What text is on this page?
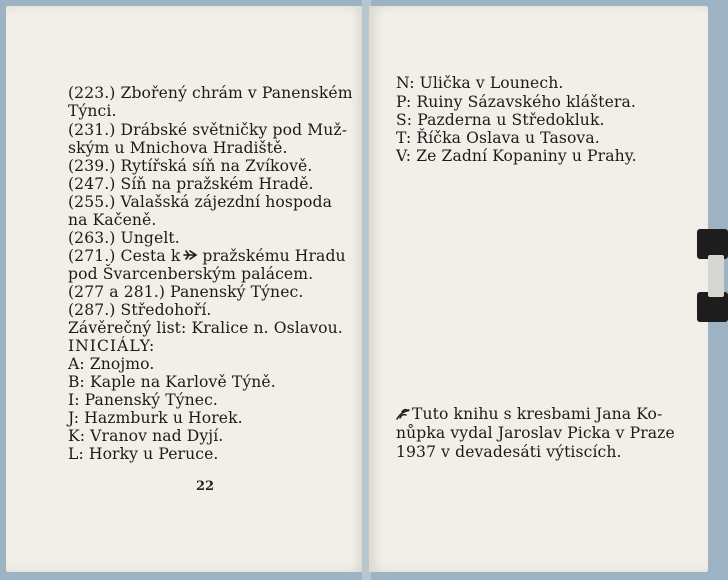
(223.) Zbořený chrám v Panenském
Týnci.
(231.) Drábské světničky pod Muž-
ským u Mnichova Hradiště.
(239.) Rytířská síň na Zvíkově.
(247.) Síň na pražském Hradě.
(255.) Valašská zájezdní hospoda
na Kačeně.
(263.) Ungelt.
(271.) Cesta k pražskému Hradu
pod Švarcenberským palácem.
(277 a 281.) Panenský Týnec.
(287.) Středohoří.
Závěrečný list: Kralice n. Oslavou.
INICIÁLY:
A: Znojmo.
B: Kaple na Karlově Týně.
I: Panenský Týnec.
J: Hazmburk u Horek.
K: Vranov nad Dyjí.
L: Horky u Peruce.
22
N: Ulička v Lounech.
P: Ruiny Sázavského kláštera.
S: Pazderna u Středokluk.
T: Říčka Oslava u Tasova.
V: Ze Zadní Kopaniny u Prahy.
Tuto knihu s kresbami Jana Ko-
nůpka vydal Jaroslav Picka v Praze
1937 v devadesáti výtiscích.
